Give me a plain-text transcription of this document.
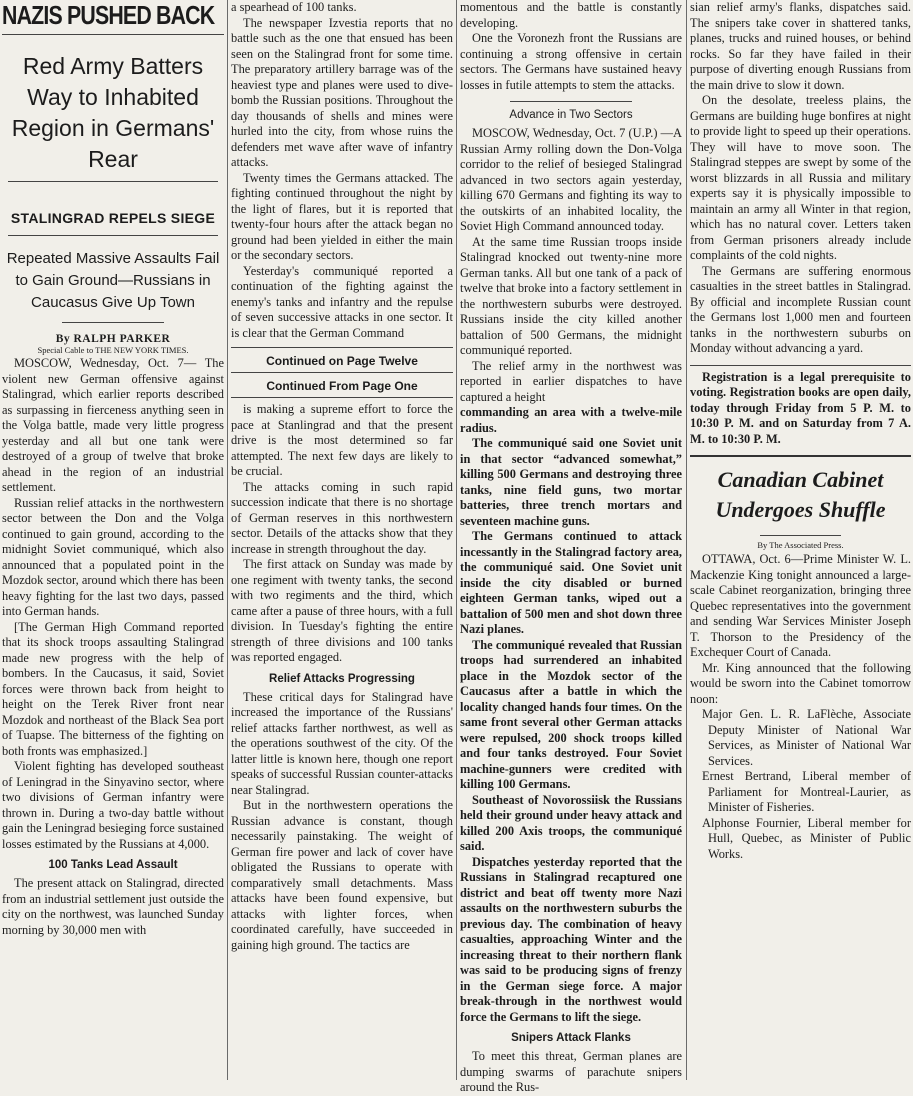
NAZIS PUSHED BACK
Red Army Batters Way to Inhabited Region in Germans' Rear
STALINGRAD REPELS SIEGE
Repeated Massive Assaults Fail to Gain Ground—Russians in Caucasus Give Up Town
By RALPH PARKER
Special Cable to THE NEW YORK TIMES.

MOSCOW, Wednesday, Oct. 7— The violent new German offensive against Stalingrad, which earlier reports described as surpassing in fierceness anything seen in the Volga battle, made very little progress yesterday and all but one tank were destroyed of a group of twelve that broke ahead in the region of an industrial settlement.

Russian relief attacks in the northwestern sector between the Don and the Volga continued to gain ground, according to the midnight Soviet communiqué, which also announced that a populated point in the Mozdok sector, around which there has been heavy fighting for the last two days, passed into German hands.

[The German High Command reported that its shock troops assaulting Stalingrad made new progress with the help of bombers. In the Caucasus, it said, Soviet forces were thrown back from height to height on the Terek River front near Mozdok and northeast of the Black Sea port of Tuapse. The bitterness of the fighting on both fronts was emphasized.]

Violent fighting has developed southeast of Leningrad in the Sinyavino sector, where two divisions of German infantry were thrown in. During a two-day battle without gain the Leningrad besieging force sustained losses estimated by the Russians at 4,000.

100 Tanks Lead Assault

The present attack on Stalingrad, directed from an industrial settlement just outside the city on the northwest, was launched Sunday morning by 30,000 men with

a spearhead of 100 tanks.

The newspaper Izvestia reports that no battle such as the one that ensued has been seen on the Stalingrad front for some time. The preparatory artillery barrage was of the heaviest type and planes were used to dive-bomb the Russian positions. Throughout the day thousands of shells and mines were hurled into the city, from whose ruins the defenders met wave after wave of infantry attacks.

Twenty times the Germans attacked. The fighting continued throughout the night by the light of flares, but it is reported that twenty-four hours after the attack began no ground had been yielded in either the main or the secondary sectors.

Yesterday's communiqué reported a continuation of the fighting against the enemy's tanks and infantry and the repulse of seven successive attacks in one sector. It is clear that the German Command

Continued on Page Twelve
Continued From Page One

is making a supreme effort to force the pace at Stanlingrad and that the present drive is the most determined so far attempted. The next few days are likely to be crucial.

The attacks coming in such rapid succession indicate that there is no shortage of German reserves in this northwestern sector. Details of the attacks show that they increase in strength throughout the day.

The first attack on Sunday was made by one regiment with twenty tanks, the second with two regiments and the third, which came after a pause of three hours, with a full division. In Tuesday's fighting the entire strength of three divisions and 100 tanks was reported engaged.

Relief Attacks Progressing

These critical days for Stalingrad have increased the importance of the Russians' relief attacks farther northwest, as well as the operations southwest of the city. Of the latter little is known here, though one report speaks of successful Russian counter-attacks near Stalingrad.

But in the northwestern operations the Russian advance is constant, though necessarily painstaking. The weight of German fire power and lack of cover have obligated the Russians to operate with comparatively small detachments. Mass attacks have been found expensive, but attacks with lighter forces, when coordinated carefully, have succeeded in gaining high ground. The tactics are

momentous and the battle is constantly developing.

One the Voronezh front the Russians are continuing a strong offensive in certain sectors. The Germans have sustained heavy losses in futile attempts to stem the attacks.

Advance in Two Sectors

MOSCOW, Wednesday, Oct. 7 (U.P.) —A Russian Army rolling down the Don-Volga corridor to the relief of besieged Stalingrad advanced in two sectors again yesterday, killing 670 Germans and fighting its way to the outskirts of an inhabited locality, the Soviet High Command announced today.

At the same time Russian troops inside Stalingrad knocked out twenty-nine more German tanks. All but one tank of a pack of twelve that broke into a factory settlement in the northwestern suburbs were destroyed. Russians inside the city killed another battalion of 500 Germans, the midnight communiqué reported.

The relief army in the northwest was reported in earlier dispatches to have captured a height

commanding an area with a twelve-mile radius.

The communiqué said one Soviet unit in that sector “advanced somewhat,” killing 500 Germans and destroying three tanks, nine field guns, two mortar batteries, three trench mortars and seventeen machine guns.

The Germans continued to attack incessantly in the Stalingrad factory area, the communiqué said. One Soviet unit inside the city disabled or burned eighteen German tanks, wiped out a battalion of 500 men and shot down three Nazi planes.

The communiqué revealed that Russian troops had surrendered an inhabited place in the Mozdok sector of the Caucasus after a battle in which the locality changed hands four times. On the same front several other German attacks were repulsed, 200 shock troops killed and four tanks destroyed. Four Soviet machine-gunners were credited with killing 100 Germans.

Southeast of Novorossiisk the Russians held their ground under heavy attack and killed 200 Axis troops, the communiqué said.

Dispatches yesterday reported that the Russians in Stalingrad recaptured one district and beat off twenty more Nazi assaults on the northwestern suburbs the previous day. The combination of heavy casualties, approaching Winter and the increasing threat to their northern flank was said to be producing signs of frenzy in the German siege force. A major break-through in the northwest would force the Germans to lift the siege.

Snipers Attack Flanks

To meet this threat, German planes are dumping swarms of parachute snipers around the Rus-

sian relief army's flanks, dispatches said. The snipers take cover in shattered tanks, planes, trucks and ruined houses, or behind rocks. So far they have failed in their purpose of diverting enough Russians from the main drive to slow it down.

On the desolate, treeless plains, the Germans are building huge bonfires at night to provide light to speed up their operations. They will have to move soon. The Stalingrad steppes are swept by some of the worst blizzards in all Russia and military experts say it is physically impossible to maintain an army all Winter in that region, which has no natural cover. Letters taken from German prisoners already include complaints of the cold nights.

The Germans are suffering enormous casualties in the street battles in Stalingrad. By official and incomplete Russian count the Germans lost 1,000 men and fourteen tanks in the northwestern suburbs on Monday without advancing a yard.

Registration is a legal prerequisite to voting. Registration books are open daily, today through Friday from 5 P. M. to 10:30 P. M. and on Saturday from 7 A. M. to 10:30 P. M.

Canadian Cabinet Undergoes Shuffle
By The Associated Press.

OTTAWA, Oct. 6—Prime Minister W. L. Mackenzie King tonight announced a large-scale Cabinet reorganization, bringing three Quebec representatives into the government and sending War Services Minister Joseph T. Thorson to the Presidency of the Exchequer Court of Canada.

Mr. King announced that the following would be sworn into the Cabinet tomorrow noon:

Major Gen. L. R. LaFlèche, Associate Deputy Minister of National War Services, as Minister of National War Services.

Ernest Bertrand, Liberal member of Parliament for Montreal-Laurier, as Minister of Fisheries.

Alphonse Fournier, Liberal member for Hull, Quebec, as Minister of Public Works.
